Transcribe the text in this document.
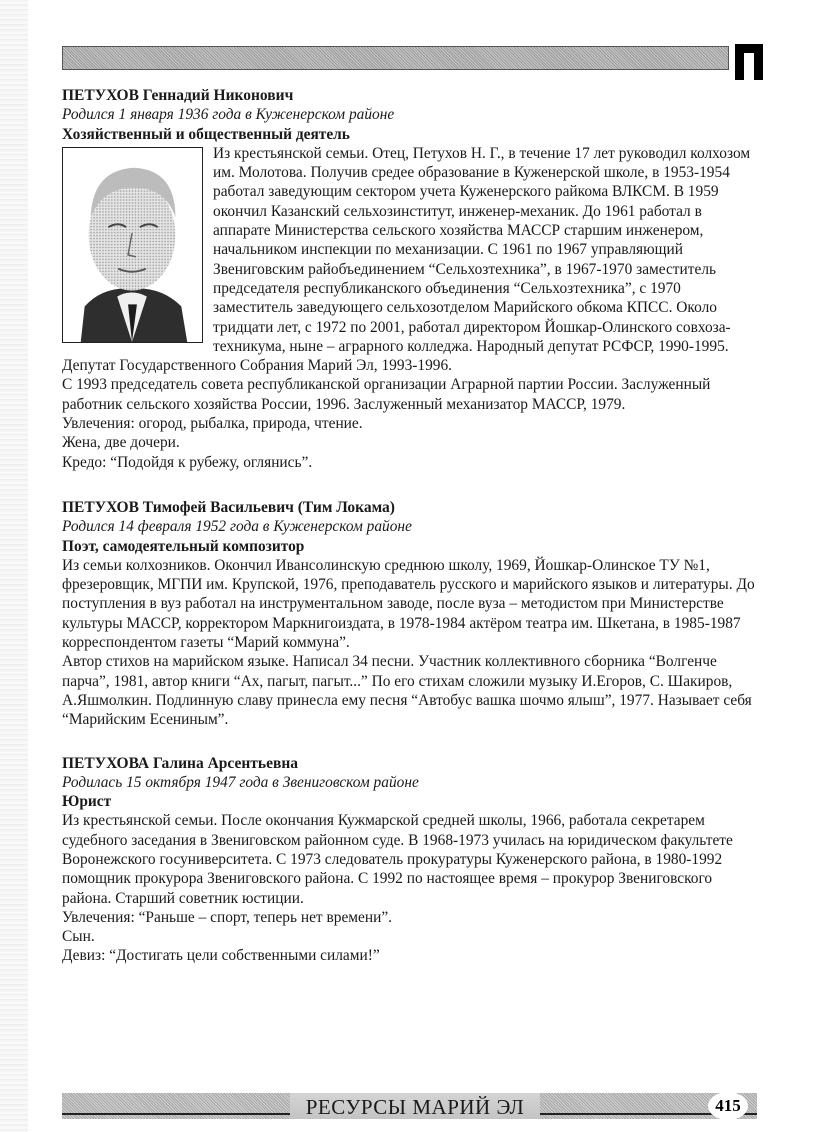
ПЕТУХОВ Геннадий Никонович
Родился 1 января 1936 года в Куженерском районе
Хозяйственный и общественный деятель

Из крестьянской семьи. Отец, Петухов Н. Г., в течение 17 лет руководил колхозом им. Молотова. Получив средее образование в Куженерской школе, в 1953-1954 работал заведующим сектором учета Куженерского райкома ВЛКСМ. В 1959 окончил Казанский сельхозинститут, инженер-механик. До 1961 работал в аппарате Министерства сельского хозяйства МАССР старшим инженером, начальником инспекции по механизации. С 1961 по 1967 управляющий Звениговским райобъединением “Сельхозтехника”, в 1967-1970 заместитель председателя республиканского объединения “Сельхозтехника”, с 1970 заместитель заведующего сельхозотделом Марийского обкома КПСС. Около тридцати лет, с 1972 по 2001, работал директором Йошкар-Олинского совхоза-техникума, ныне – аграрного колледжа. Народный депутат РСФСР, 1990-1995. Депутат Государственного Собрания Марий Эл, 1993-1996.

С 1993 председатель совета республиканской организации Аграрной партии России. Заслуженный работник сельского хозяйства России, 1996. Заслуженный механизатор МАССР, 1979.

Увлечения: огород, рыбалка, природа, чтение.

Жена, две дочери.

Кредо: “Подойдя к рубежу, оглянись”.

ПЕТУХОВ Тимофей Васильевич (Тим Локама)
Родился 14 февраля 1952 года в Куженерском районе
Поэт, самодеятельный композитор

Из семьи колхозников. Окончил Ивансолинскую среднюю школу, 1969, Йошкар-Олинское ТУ №1, фрезеровщик, МГПИ им. Крупской, 1976, преподаватель русского и марийского языков и литературы. До поступления в вуз работал на инструментальном заводе, после вуза – методистом при Министерстве культуры МАССР, корректором Маркнигоиздата, в 1978-1984 актёром театра им. Шкетана, в 1985-1987 корреспондентом газеты “Марий коммуна”.

Автор стихов на марийском языке. Написал 34 песни. Участник коллективного сборника “Волгенче парча”, 1981, автор книги “Ах, пагыт, пагыт...” По его стихам сложили музыку И.Егоров, С. Шакиров, А.Яшмолкин. Подлинную славу принесла ему песня “Автобус вашка шочмо ялыш”, 1977. Называет себя “Марийским Есениным”.

ПЕТУХОВА Галина Арсентьевна
Родилась 15 октября 1947 года в Звениговском районе
Юрист

Из крестьянской семьи. После окончания Кужмарской средней школы, 1966, работала секретарем судебного заседания в Звениговском районном суде. В 1968-1973 училась на юридическом факультете Воронежского госуниверситета. С 1973 следователь прокуратуры Куженерского района, в 1980-1992 помощник прокурора Звениговского района. С 1992 по настоящее время – прокурор Звениговского района. Старший советник юстиции.

Увлечения: “Раньше – спорт, теперь нет времени”.

Сын.

Девиз: “Достигать цели собственными силами!”

РЕСУРСЫ МАРИЙ ЭЛ	415
